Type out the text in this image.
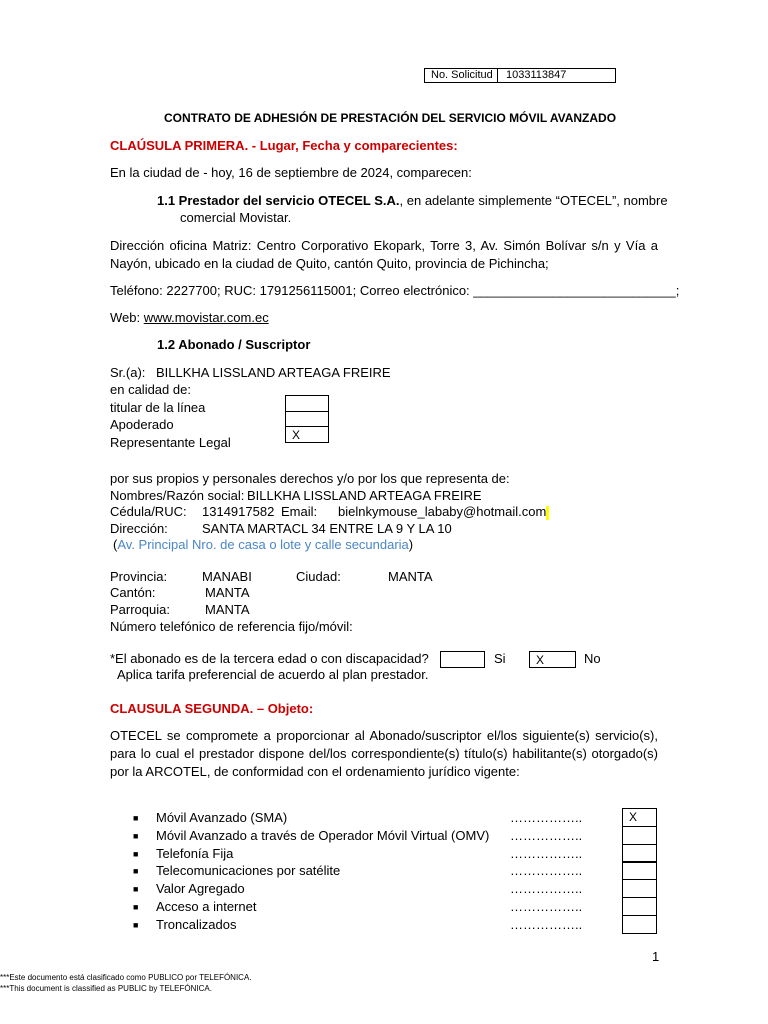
No. Solicitud 1033113847
CONTRATO DE ADHESIÓN DE PRESTACIÓN DEL SERVICIO MÓVIL AVANZADO
CLAÚSULA PRIMERA. - Lugar, Fecha y comparecientes:
En la ciudad de - hoy, 16 de septiembre de 2024, comparecen:
1.1 Prestador del servicio OTECEL S.A., en adelante simplemente “OTECEL”, nombre
comercial Movistar.
Dirección oficina Matriz: Centro Corporativo Ekopark, Torre 3, Av. Simón Bolívar s/n y Vía a Nayón, ubicado en la ciudad de Quito, cantón Quito, provincia de Pichincha;
Teléfono: 2227700; RUC: 1791256115001; Correo electrónico: ____________________________;
Web: www.movistar.com.ec
1.2 Abonado / Suscriptor
Sr.(a): BILLKHA LISSLAND ARTEAGA FREIRE
en calidad de:
titular de la línea
Apoderado
Representante Legal	X
por sus propios y personales derechos y/o por los que representa de:
Nombres/Razón social: BILLKHA LISSLAND ARTEAGA FREIRE
Cédula/RUC: 1314917582 Email: bielnkymouse_lababy@hotmail.com
Dirección:	SANTA MARTACL 34 ENTRE LA 9 Y LA 10
(Av. Principal Nro. de casa o lote y calle secundaria)
Provincia:	MANABI	Ciudad:	MANTA
Cantón:	MANTA
Parroquia:	MANTA
Número telefónico de referencia fijo/móvil:
*El abonado es de la tercera edad o con discapacidad?	Si	X	No
Aplica tarifa preferencial de acuerdo al plan prestador.
CLAUSULA SEGUNDA. – Objeto:
OTECEL se compromete a proporcionar al Abonado/suscriptor el/los siguiente(s) servicio(s), para lo cual el prestador dispone del/los correspondiente(s) título(s) habilitante(s) otorgado(s) por la ARCOTEL, de conformidad con el ordenamiento jurídico vigente:
■ Móvil Avanzado (SMA)	……………..	X
■ Móvil Avanzado a través de Operador Móvil Virtual (OMV) ……………..
■ Telefonía Fija	……………..
■ Telecomunicaciones por satélite	……………..
■ Valor Agregado	……………..
■ Acceso a internet	……………..
■ Troncalizados	……………..
1
***Este documento está clasificado como PUBLICO por TELEFÓNICA.
***This document is classified as PUBLIC by TELEFÓNICA.
